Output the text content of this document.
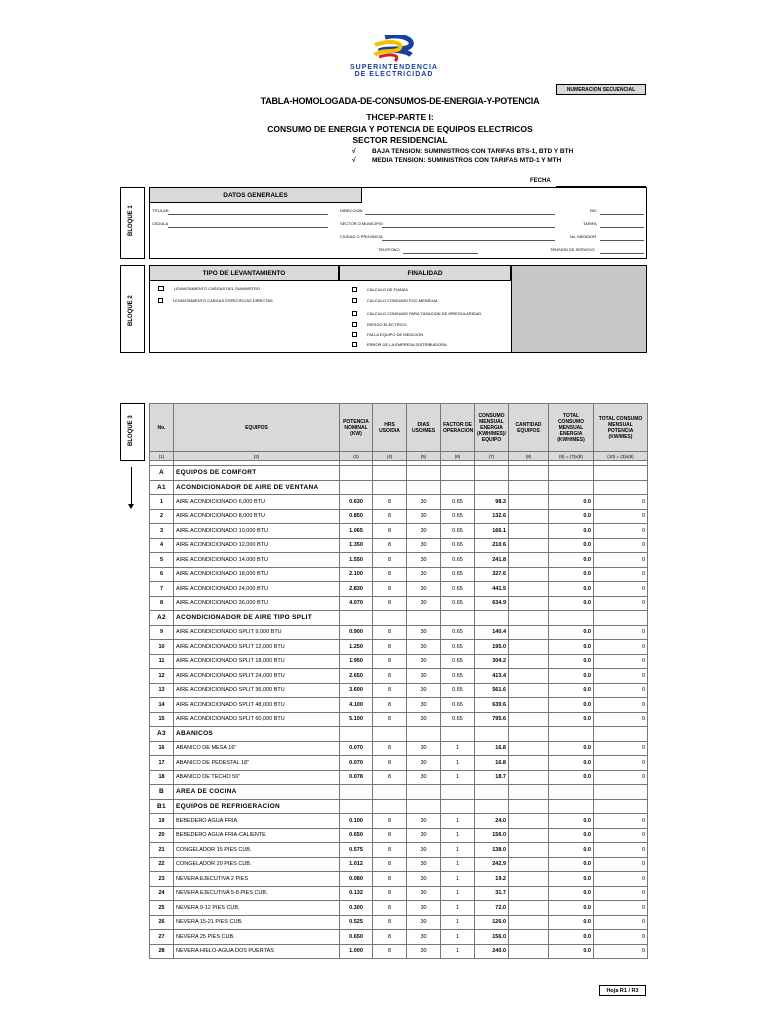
SUPERINTENDENCIA
DE ELECTRICIDAD
NUMERACION SECUENCIAL
TABLA-HOMOLOGADA-DE-CONSUMOS-DE-ENERGIA-Y-POTENCIA
THCEP-PARTE I:
CONSUMO DE ENERGIA Y POTENCIA DE EQUIPOS ELECTRICOS
SECTOR RESIDENCIAL
√	BAJA TENSION: SUMINISTROS CON TARIFAS BTS-1, BTD Y BTH
√	MEDIA TENSION: SUMINISTROS CON TARIFAS MTD-1 Y MTH
FECHA
BLOQUE 1
DATOS GENERALES
TITULAR
CEDULA
DIRECCION
SECTOR O MUNICIPIO
CIUDAD O PROVINCIA
TELEFONO
NIC
TARIFA
No. MEDIDOR
TENSION DE SERVICIO
BLOQUE 2
TIPO DE LEVANTAMIENTO	FINALIDAD
LEVANTAMIENTO CARGAS DEL SUMINISTRO
LEVANTAMIENTO CARGAS ESPECIFICAS DIRECTAS
CALCULO DE FIANZA
CALCULO CONSUMO FIJO MENSUAL
CALCULO CONSUMO PARA TASACION DE IRREGULARIDAD
RIESGO ELECTRICO
FALLA EQUIPO DE MEDICION
ERROR DE LA EMPRESA DISTRIBUIDORA
BLOQUE 3	No.	EQUIPOS	POTENCIA NOMINAL (KW)	HRS USO/DIA	DIAS USO/MES	FACTOR DE OPERACION	CONSUMO MENSUAL ENERGIA (KWH/MES)/ EQUIPO	CANTIDAD EQUIPOS	TOTAL CONSUMO MENSUAL ENERGIA (KWH/MES)	TOTAL CONSUMO MENSUAL POTENCIA (KW/MES)
(1)	(2)	(3)	(4)	(5)	(6)	(7)	(8)	(9) = (7)x(8)	(10) = (3)x(8)

A	EQUIPOS DE COMFORT								
A1	ACONDICIONADOR DE AIRE DE VENTANA								
1	AIRE ACONDICIONADO 6,000 BTU	0.630	8	30	0.65	98.3		0.0	0
2	AIRE ACONDICIONADO 8,000 BTU	0.850	8	30	0.65	132.6		0.0	0
3	AIRE ACONDICIONADO 10,000 BTU	1.065	8	30	0.65	166.1		0.0	0
4	AIRE ACONDICIONADO 12,000 BTU	1.350	8	30	0.65	210.6		0.0	0
5	AIRE ACONDICIONADO 14,000 BTU	1.550	8	30	0.65	241.8		0.0	0
6	AIRE ACONDICIONADO 18,000 BTU	2.100	8	30	0.65	327.6		0.0	0
7	AIRE ACONDICIONADO 24,000 BTU	2.830	8	30	0.65	441.5		0.0	0
8	AIRE ACONDICIONADO 36,000 BTU	4.070	8	30	0.65	634.9		0.0	0
A2	ACONDICIONADOR DE AIRE TIPO SPLIT								
9	AIRE ACONDICIONADO SPLIT 9,000 BTU	0.900	8	30	0.65	140.4		0.0	0
10	AIRE ACONDICIONADO SPLIT 12,000 BTU	1.250	8	30	0.65	195.0		0.0	0
11	AIRE ACONDICIONADO SPLIT 18,000 BTU	1.950	8	30	0.65	304.2		0.0	0
12	AIRE ACONDICIONADO SPLIT 24,000 BTU	2.650	8	30	0.65	413.4		0.0	0
13	AIRE ACONDICIONADO SPLIT 36,000 BTU	3.600	8	30	0.65	561.6		0.0	0
14	AIRE ACONDICIONADO SPLIT 48,000 BTU	4.100	8	30	0.65	639.6		0.0	0
15	AIRE ACONDICIONADO SPLIT 60,000 BTU	5.100	8	30	0.65	795.6		0.0	0
A3	ABANICOS								
16	ABANICO DE MESA 16"	0.070	8	30	1	16.8		0.0	0
17	ABANICO DE PEDESTAL 18"	0.070	8	30	1	16.8		0.0	0
18	ABANICO DE TECHO 56"	0.078	8	30	1	18.7		0.0	0
B	AREA DE COCINA								
B1	EQUIPOS DE REFRIGERACION								
19	BEBEDERO AGUA FRIA	0.100	8	30	1	24.0		0.0	0
20	BEBEDERO AGUA FRIA-CALIENTE	0.650	8	30	1	156.0		0.0	0
21	CONGELADOR 15 PIES CUB.	0.575	8	30	1	138.0		0.0	0
22	CONGELADOR 20 PIES CUB.	1.012	8	30	1	242.9		0.0	0
23	NEVERA EJECUTIVA 2 PIES	0.080	8	30	1	19.2		0.0	0
24	NEVERA EJECUTIVA 5-8 PIES CUB.	0.132	8	30	1	31.7		0.0	0
25	NEVERA 9-12 PIES CUB.	0.300	8	30	1	72.0		0.0	0
26	NEVERA 15-21 PIES CUB.	0.525	8	30	1	126.0		0.0	0
27	NEVERA 25 PIES CUB.	0.650	8	30	1	156.0		0.0	0
28	NEVERA HIELO-AGUA DOS PUERTAS	1.000	8	30	1	240.0		0.0	0
Hoja R1 / R3
